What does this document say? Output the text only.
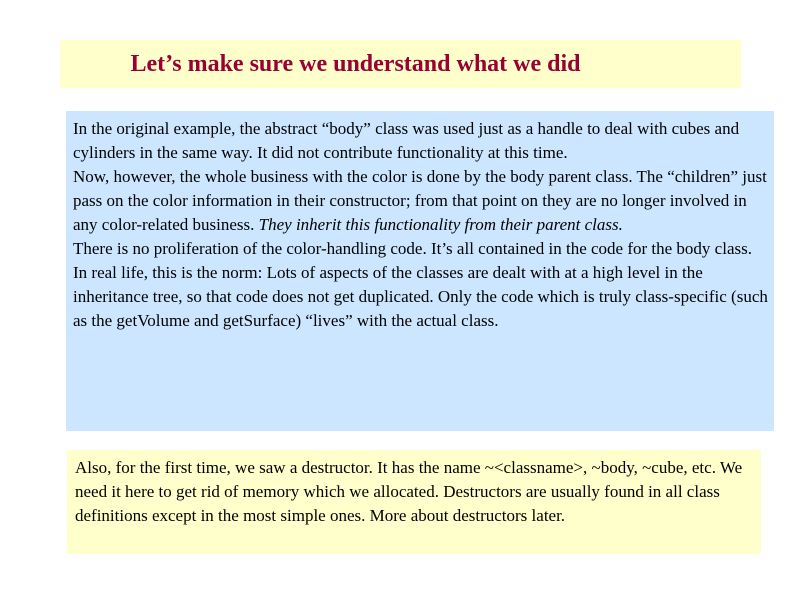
Let’s make sure we understand what we did

In the original example, the abstract “body” class was used just as a handle to deal with cubes and cylinders in the same way. It did not contribute functionality at this time.

Now, however, the whole business with the color is done by the body parent class. The “children” just pass on the color information in their constructor; from that point on they are no longer involved in any color-related business. They inherit this functionality from their parent class.

There is no proliferation of the color-handling code. It’s all contained in the code for the body class.

In real life, this is the norm: Lots of aspects of the classes are dealt with at a high level in the inheritance tree, so that code does not get duplicated. Only the code which is truly class-specific (such as the getVolume and getSurface) “lives” with the actual class.

Also, for the first time, we saw a destructor. It has the name ~<classname>, ~body, ~cube, etc. We need it here to get rid of memory which we allocated. Destructors are usually found in all class definitions except in the most simple ones. More about destructors later.
